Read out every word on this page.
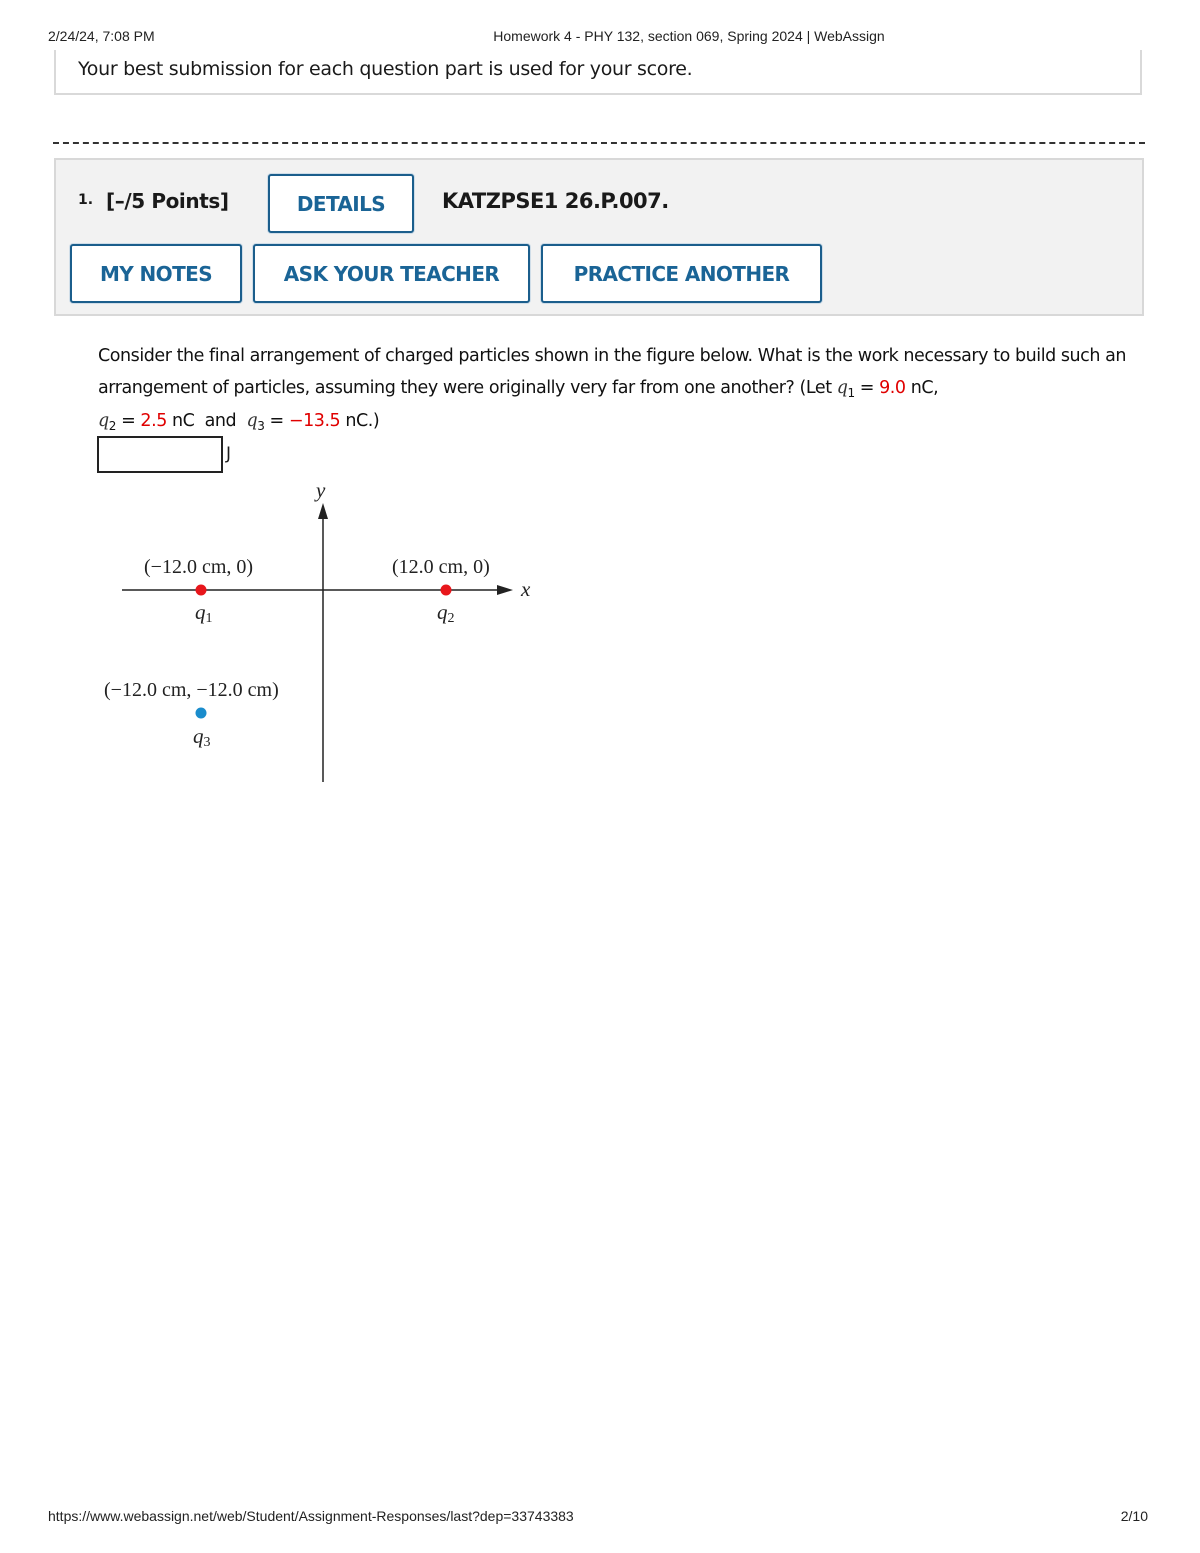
2/24/24, 7:08 PM	Homework 4 - PHY 132, section 069, Spring 2024 | WebAssign
Your best submission for each question part is used for your score.
1. [–/5 Points]	DETAILS	KATZPSE1 26.P.007.
MY NOTES	ASK YOUR TEACHER	PRACTICE ANOTHER
Consider the final arrangement of charged particles shown in the figure below. What is the work necessary to build such an arrangement of particles, assuming they were originally very far from one another? (Let $q_1 = 9.0$ nC,
$q_2 = 2.5$ nC  and  $q_3 = -13.5$ nC.)
J
y
x
(−12.0 cm, 0)
q1
(12.0 cm, 0)
q2
(−12.0 cm, −12.0 cm)
q3
https://www.webassign.net/web/Student/Assignment-Responses/last?dep=33743383	2/10
